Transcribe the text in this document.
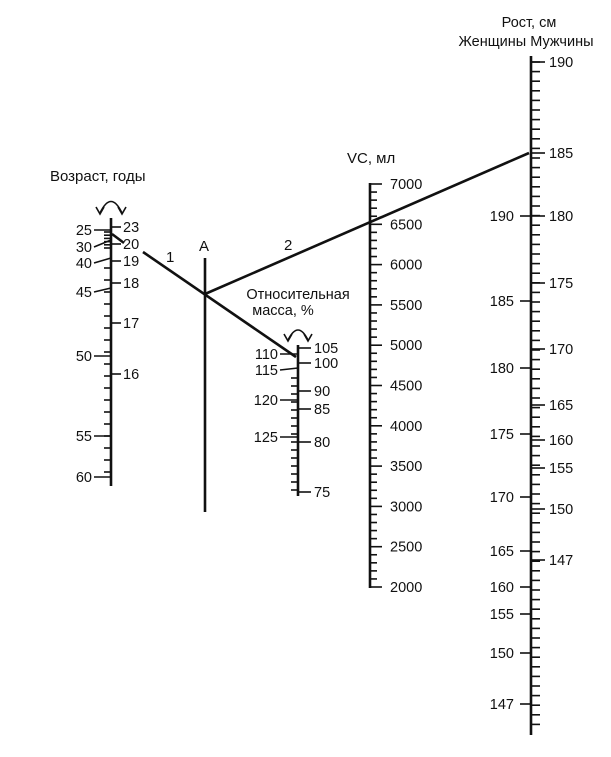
Возраст, годы
25
30
40
45
50
55
60
23
20
19
18
17
16
A
1
2
Относительная
масса, %
110
115
120
125
105
100
90
85
80
75
VC, мл
7000
6500
6000
5500
5000
4500
4000
3500
3000
2500
2000
Рост, см
Женщины Мужчины
190
185
180
175
170
165
160
155
150
147
190
185
180
175
170
165
160
155
150
147
